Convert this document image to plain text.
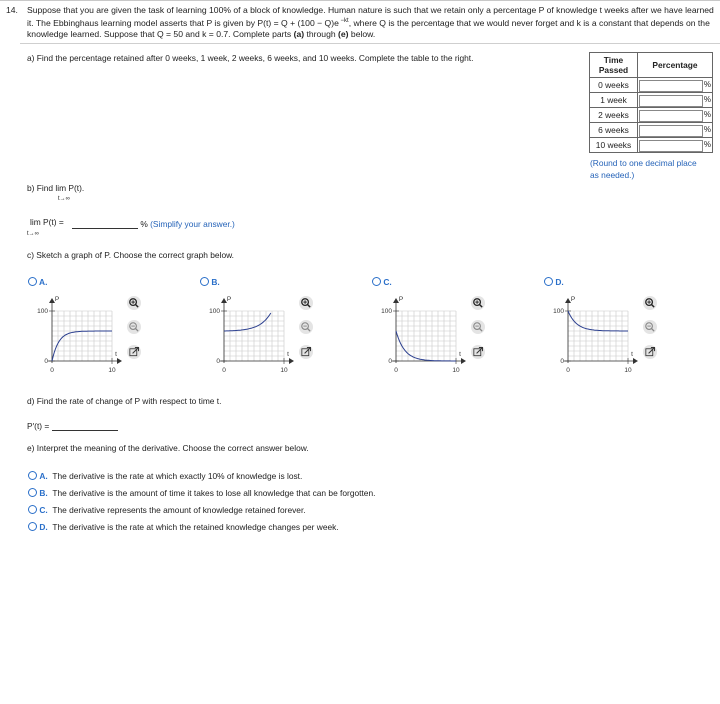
14. Suppose that you are given the task of learning 100% of a block of knowledge. Human nature is such that we retain only a percentage P of knowledge t weeks after we have learned it. The Ebbinghaus learning model asserts that P is given by P(t) = Q + (100 − Q)e $^{-kt}$, where Q is the percentage that we would never forget and k is a constant that depends on the knowledge learned. Suppose that Q = 50 and k = 0.7. Complete parts (a) through (e) below.
a) Find the percentage retained after 0 weeks, 1 week, 2 weeks, 6 weeks, and 10 weeks. Complete the table to the right.	Time
Passed	Percentage
0 weeks	%

1 week	%

2 weeks	%

6 weeks	%

10 weeks	%
(Round to one decimal place
as needed.)
b) Find lim P(t).
t→∞
lim P(t) =
t→∞
% (Simplify your answer.)
c) Sketch a graph of P. Choose the correct graph below.
A.
P
t
100
0
0	10
B.
P
t
100
0
0	10
C.
P
t
100
0
0	10
D.
P
t
100
0
0	10
d) Find the rate of change of P with respect to time t.
P′(t) =
e) Interpret the meaning of the derivative. Choose the correct answer below.
A. The derivative is the rate at which exactly 10% of knowledge is lost.
B. The derivative is the amount of time it takes to lose all knowledge that can be forgotten.
C. The derivative represents the amount of knowledge retained forever.
D. The derivative is the rate at which the retained knowledge changes per week.
